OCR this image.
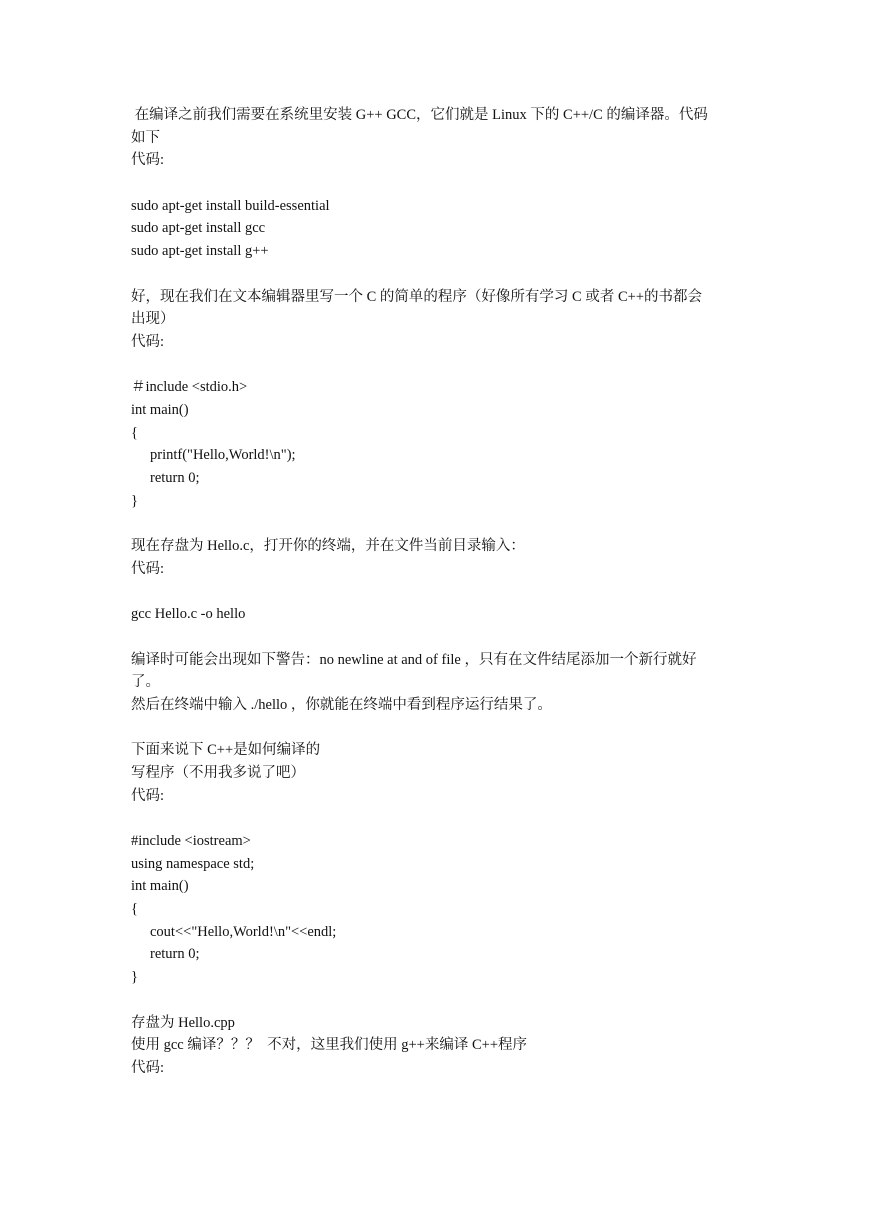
在编译之前我们需要在系统里安装 G++ GCC，它们就是 Linux 下的 C++/C 的编译器。代码
如下
代码:
sudo apt-get install build-essential
sudo apt-get install gcc
sudo apt-get install g++
好，现在我们在文本编辑器里写一个 C 的简单的程序（好像所有学习 C 或者 C++的书都会
出现）
代码:
＃include <stdio.h>
int main()
{
printf("Hello,World!\n");
return 0;
}
现在存盘为 Hello.c，打开你的终端，并在文件当前目录输入：
代码:
gcc Hello.c -o hello
编译时可能会出现如下警告：no newline at and of file ，只有在文件结尾添加一个新行就好
了。
然后在终端中输入 ./hello ，你就能在终端中看到程序运行结果了。
下面来说下 C++是如何编译的
写程序（不用我多说了吧）
代码:
#include <iostream>
using namespace std;
int main()
{
cout<<"Hello,World!\n"<<endl;
return 0;
}
存盘为 Hello.cpp
使用 gcc 编译？？？  不对，这里我们使用 g++来编译 C++程序
代码:
